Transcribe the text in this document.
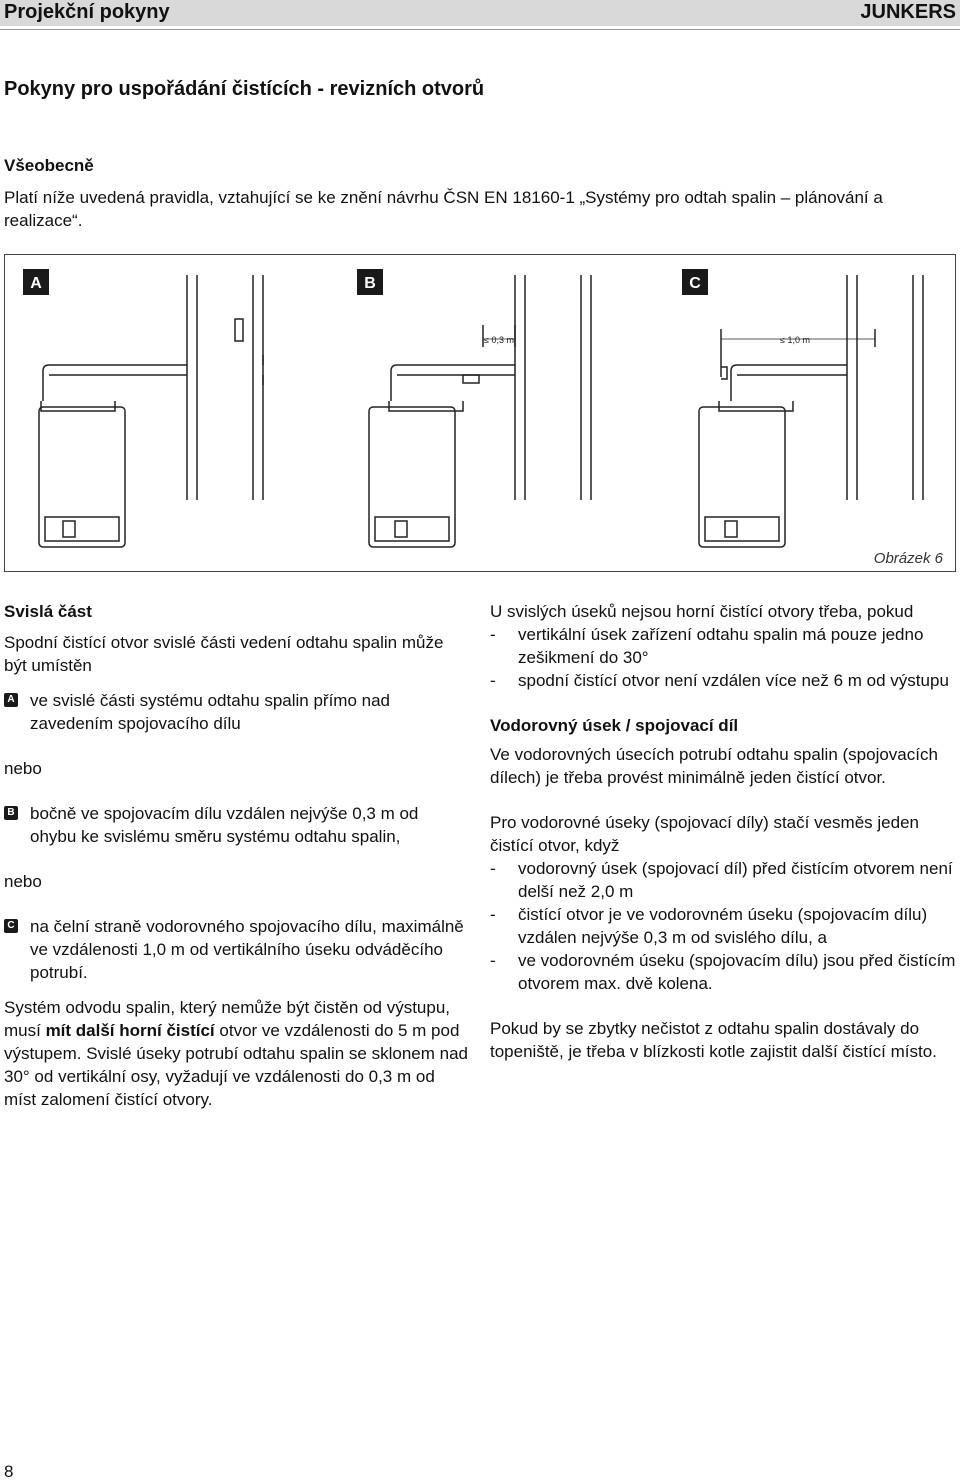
Projekční pokyny	JUNKERS
Pokyny pro uspořádání čistících - revizních otvorů
Všeobecně
Platí níže uvedená pravidla, vztahující se ke znění návrhu ČSN EN 18160-1 „Systémy pro odtah spalin – plánování a realizace“.
A	B	C
≤ 0,3 m	≤ 1,0 m
Obrázek 6

Svislá část

Spodní čistící otvor svislé části vedení odtahu spalin může být umístěn

A ve svislé části systému odtahu spalin přímo nad zavedením spojovacího dílu

nebo

B bočně ve spojovacím dílu vzdálen nejvýše 0,3 m od ohybu ke svislému směru systému odtahu spalin,

nebo

C na čelní straně vodorovného spojovacího dílu, maximálně ve vzdálenosti 1,0 m od vertikálního úseku odváděcího potrubí.

Systém odvodu spalin, který nemůže být čistěn od výstupu, musí mít další horní čistící otvor ve vzdálenosti do 5 m pod výstupem. Svislé úseky potrubí odtahu spalin se sklonem nad 30° od vertikální osy, vyžadují ve vzdálenosti do 0,3 m od míst zalomení čistící otvory.

U svislých úseků nejsou horní čistící otvory třeba, pokud

- vertikální úsek zařízení odtahu spalin má pouze jedno zešikmení do 30°
- spodní čistící otvor není vzdálen více než 6 m od výstupu

Vodorovný úsek / spojovací díl

Ve vodorovných úsecích potrubí odtahu spalin (spojovacích dílech) je třeba provést minimálně jeden čistící otvor.

Pro vodorovné úseky (spojovací díly) stačí vesměs jeden čistící otvor, když

- vodorovný úsek (spojovací díl) před čistícím otvorem není delší než 2,0 m
- čistící otvor je ve vodorovném úseku (spojovacím dílu) vzdálen nejvýše 0,3 m od svislého dílu, a
- ve vodorovném úseku (spojovacím dílu) jsou před čistícím otvorem max. dvě kolena.

Pokud by se zbytky nečistot z odtahu spalin dostávaly do topeniště, je třeba v blízkosti kotle zajistit další čistící místo.

8
